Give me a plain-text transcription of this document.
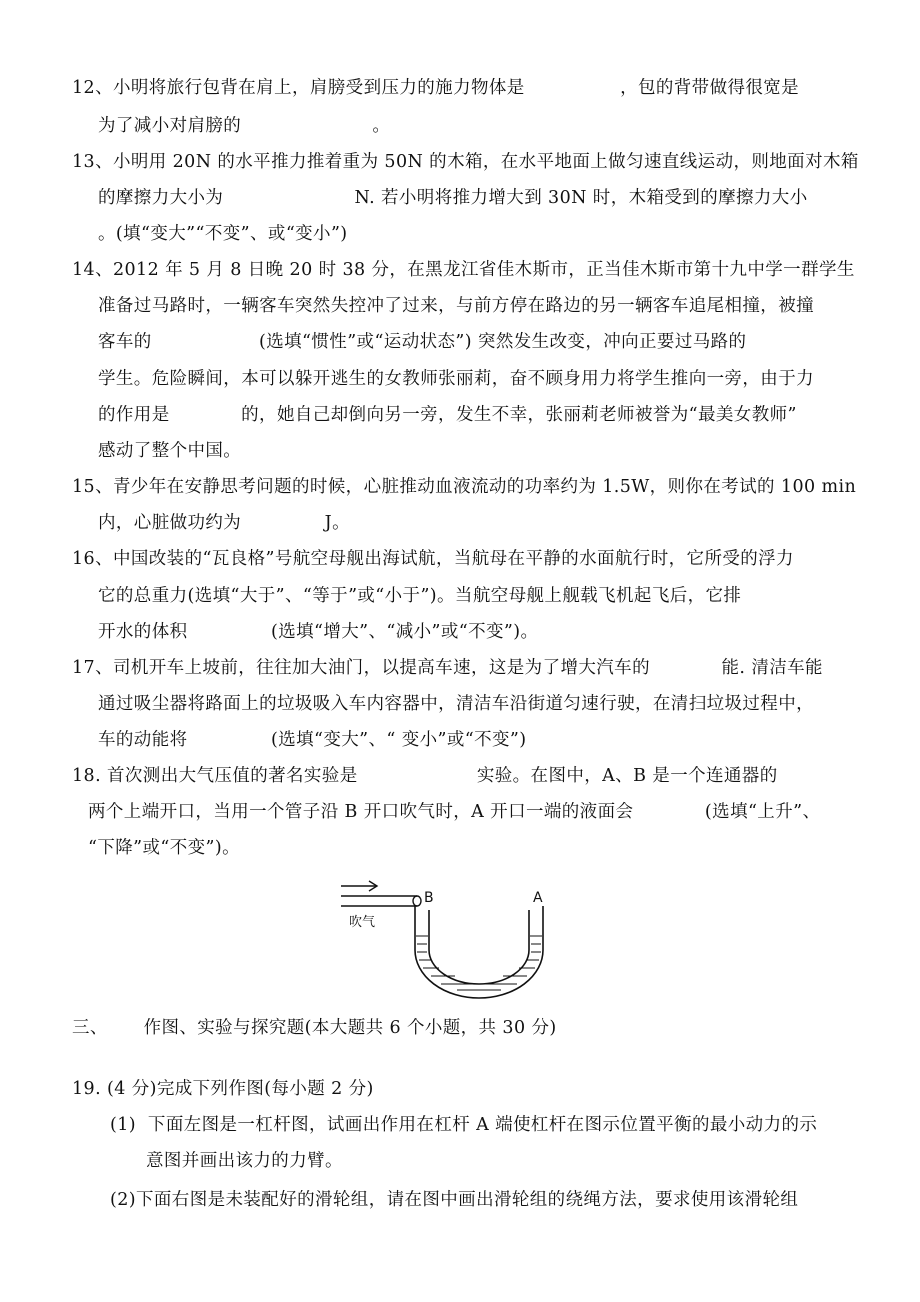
12、小明将旅行包背在肩上，肩膀受到压力的施力物体是                ，包的背带做得很宽是
为了减小对肩膀的                      。
13、小明用 20N 的水平推力推着重为 50N 的木箱，在水平地面上做匀速直线运动，则地面对木箱
的摩擦力大小为                      N. 若小明将推力增大到 30N 时，木箱受到的摩擦力大小
。(填“变大”“不变”、或“变小”)
14、2012 年 5 月 8 日晚 20 时 38 分，在黑龙江省佳木斯市，正当佳木斯市第十九中学一群学生
准备过马路时，一辆客车突然失控冲了过来，与前方停在路边的另一辆客车追尾相撞，被撞
客车的                  (选填“惯性”或“运动状态”) 突然发生改变，冲向正要过马路的
学生。危险瞬间，本可以躲开逃生的女教师张丽莉，奋不顾身用力将学生推向一旁，由于力
的作用是            的，她自己却倒向另一旁，发生不幸，张丽莉老师被誉为“最美女教师”
感动了整个中国。
15、青少年在安静思考问题的时候，心脏推动血液流动的功率约为 1.5W，则你在考试的 100 min
内，心脏做功约为              J。
16、中国改装的“瓦良格”号航空母舰出海试航，当航母在平静的水面航行时，它所受的浮力
它的总重力(选填“大于”、“等于”或“小于”)。当航空母舰上舰载飞机起飞后，它排
开水的体积              (选填“增大”、“减小”或“不变”)。
17、司机开车上坡前，往往加大油门，以提高车速，这是为了增大汽车的            能. 清洁车能
通过吸尘器将路面上的垃圾吸入车内容器中，清洁车沿街道匀速行驶，在清扫垃圾过程中，
车的动能将              (选填“变大”、“ 变小”或“不变”)
18. 首次测出大气压值的著名实验是                    实验。在图中，A、B 是一个连通器的
两个上端开口，当用一个管子沿 B 开口吹气时，A 开口一端的液面会            (选填“上升”、
“下降”或“不变”)。
吹气
B	A
三、      作图、实验与探究题(本大题共 6 个小题，共 30 分)
19. (4 分)完成下列作图(每小题 2 分)
(1)  下面左图是一杠杆图，试画出作用在杠杆 A 端使杠杆在图示位置平衡的最小动力的示
意图并画出该力的力臂。
(2)下面右图是未装配好的滑轮组，请在图中画出滑轮组的绕绳方法，要求使用该滑轮组
